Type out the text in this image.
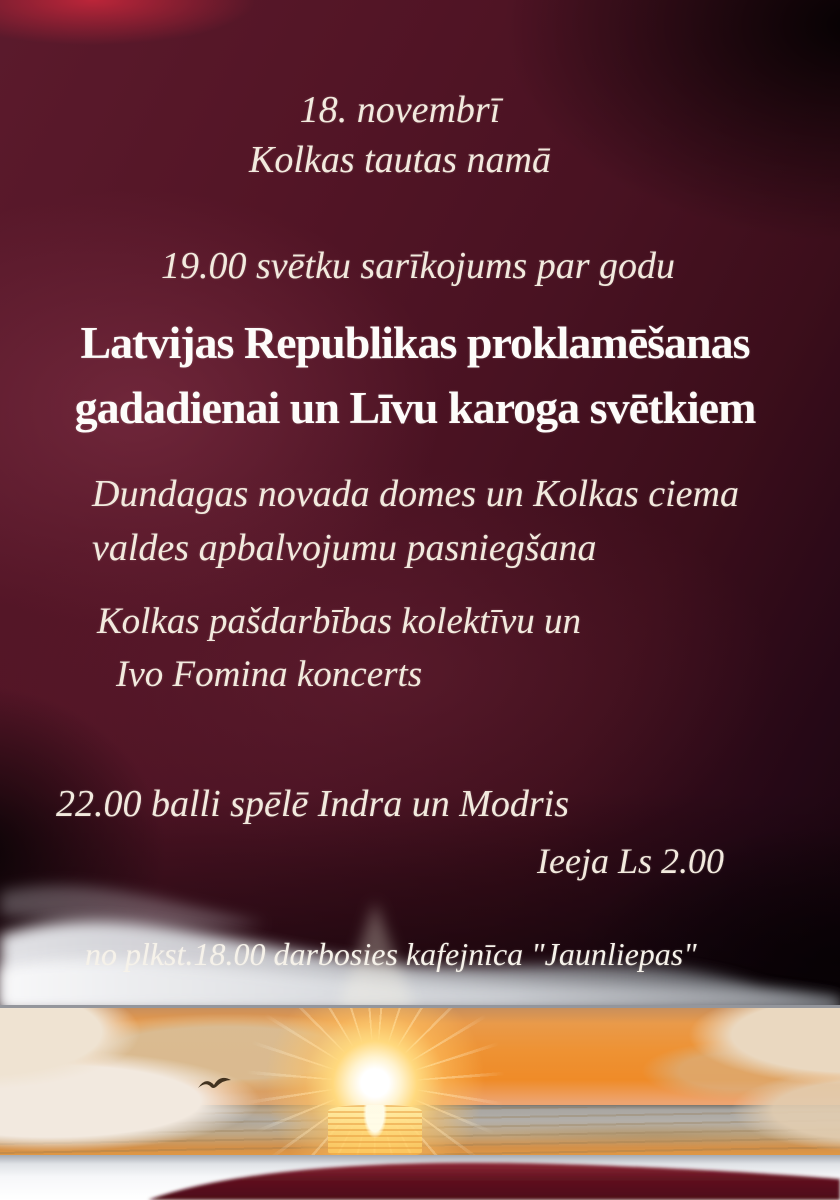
18. novembrī
Kolkas tautas namā
19.00 svētku sarīkojums par godu
Latvijas Republikas proklamēšanas
gadadienai un Līvu karoga svētkiem
Dundagas novada domes un Kolkas ciema
valdes apbalvojumu pasniegšana
Kolkas pašdarbības kolektīvu un
Ivo Fomina koncerts
22.00 balli spēlē Indra un Modris
Ieeja Ls 2.00
no plkst.18.00 darbosies kafejnīca "Jaunliepas"
